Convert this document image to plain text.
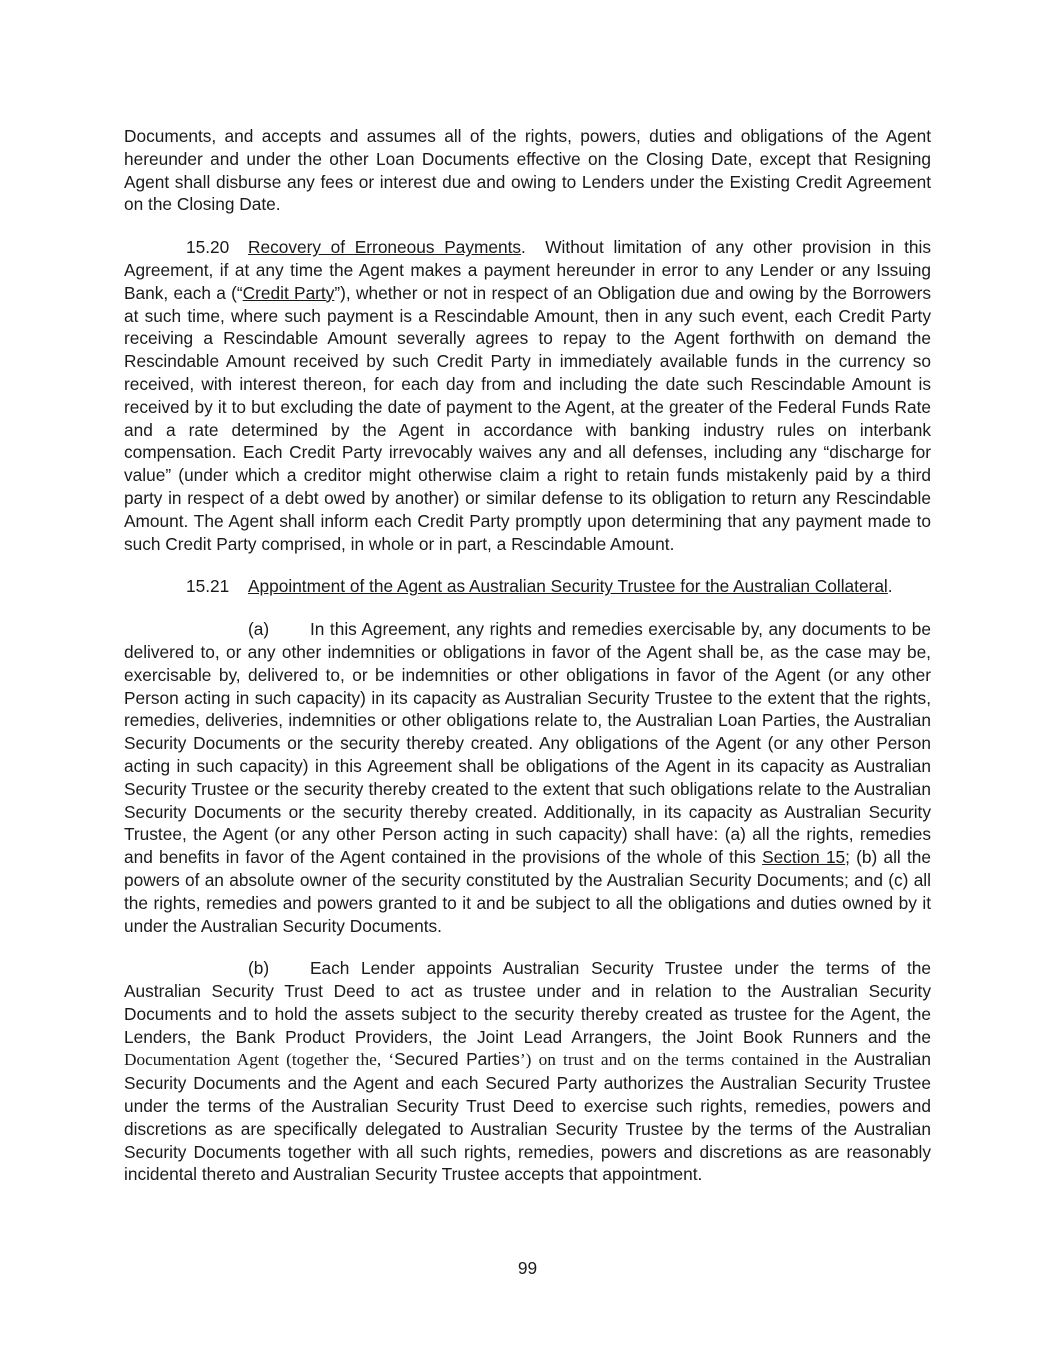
Documents, and accepts and assumes all of the rights, powers, duties and obligations of the Agent hereunder and under the other Loan Documents effective on the Closing Date, except that Resigning Agent shall disburse any fees or interest due and owing to Lenders under the Existing Credit Agreement on the Closing Date.

15.20 Recovery of Erroneous Payments. Without limitation of any other provision in this Agreement, if at any time the Agent makes a payment hereunder in error to any Lender or any Issuing Bank, each a (“Credit Party”), whether or not in respect of an Obligation due and owing by the Borrowers at such time, where such payment is a Rescindable Amount, then in any such event, each Credit Party receiving a Rescindable Amount severally agrees to repay to the Agent forthwith on demand the Rescindable Amount received by such Credit Party in immediately available funds in the currency so received, with interest thereon, for each day from and including the date such Rescindable Amount is received by it to but excluding the date of payment to the Agent, at the greater of the Federal Funds Rate and a rate determined by the Agent in accordance with banking industry rules on interbank compensation. Each Credit Party irrevocably waives any and all defenses, including any “discharge for value” (under which a creditor might otherwise claim a right to retain funds mistakenly paid by a third party in respect of a debt owed by another) or similar defense to its obligation to return any Rescindable Amount. The Agent shall inform each Credit Party promptly upon determining that any payment made to such Credit Party comprised, in whole or in part, a Rescindable Amount.

15.21 Appointment of the Agent as Australian Security Trustee for the Australian Collateral.

(a) In this Agreement, any rights and remedies exercisable by, any documents to be delivered to, or any other indemnities or obligations in favor of the Agent shall be, as the case may be, exercisable by, delivered to, or be indemnities or other obligations in favor of the Agent (or any other Person acting in such capacity) in its capacity as Australian Security Trustee to the extent that the rights, remedies, deliveries, indemnities or other obligations relate to, the Australian Loan Parties, the Australian Security Documents or the security thereby created. Any obligations of the Agent (or any other Person acting in such capacity) in this Agreement shall be obligations of the Agent in its capacity as Australian Security Trustee or the security thereby created to the extent that such obligations relate to the Australian Security Documents or the security thereby created. Additionally, in its capacity as Australian Security Trustee, the Agent (or any other Person acting in such capacity) shall have: (a) all the rights, remedies and benefits in favor of the Agent contained in the provisions of the whole of this Section 15; (b) all the powers of an absolute owner of the security constituted by the Australian Security Documents; and (c) all the rights, remedies and powers granted to it and be subject to all the obligations and duties owned by it under the Australian Security Documents.

(b) Each Lender appoints Australian Security Trustee under the terms of the Australian Security Trust Deed to act as trustee under and in relation to the Australian Security Documents and to hold the assets subject to the security thereby created as trustee for the Agent, the Lenders, the Bank Product Providers, the Joint Lead Arrangers, the Joint Book Runners and the Documentation Agent (together the, ‘Secured Parties’) on trust and on the terms contained in the Australian Security Documents and the Agent and each Secured Party authorizes the Australian Security Trustee under the terms of the Australian Security Trust Deed to exercise such rights, remedies, powers and discretions as are specifically delegated to Australian Security Trustee by the terms of the Australian Security Documents together with all such rights, remedies, powers and discretions as are reasonably incidental thereto and Australian Security Trustee accepts that appointment.

99
